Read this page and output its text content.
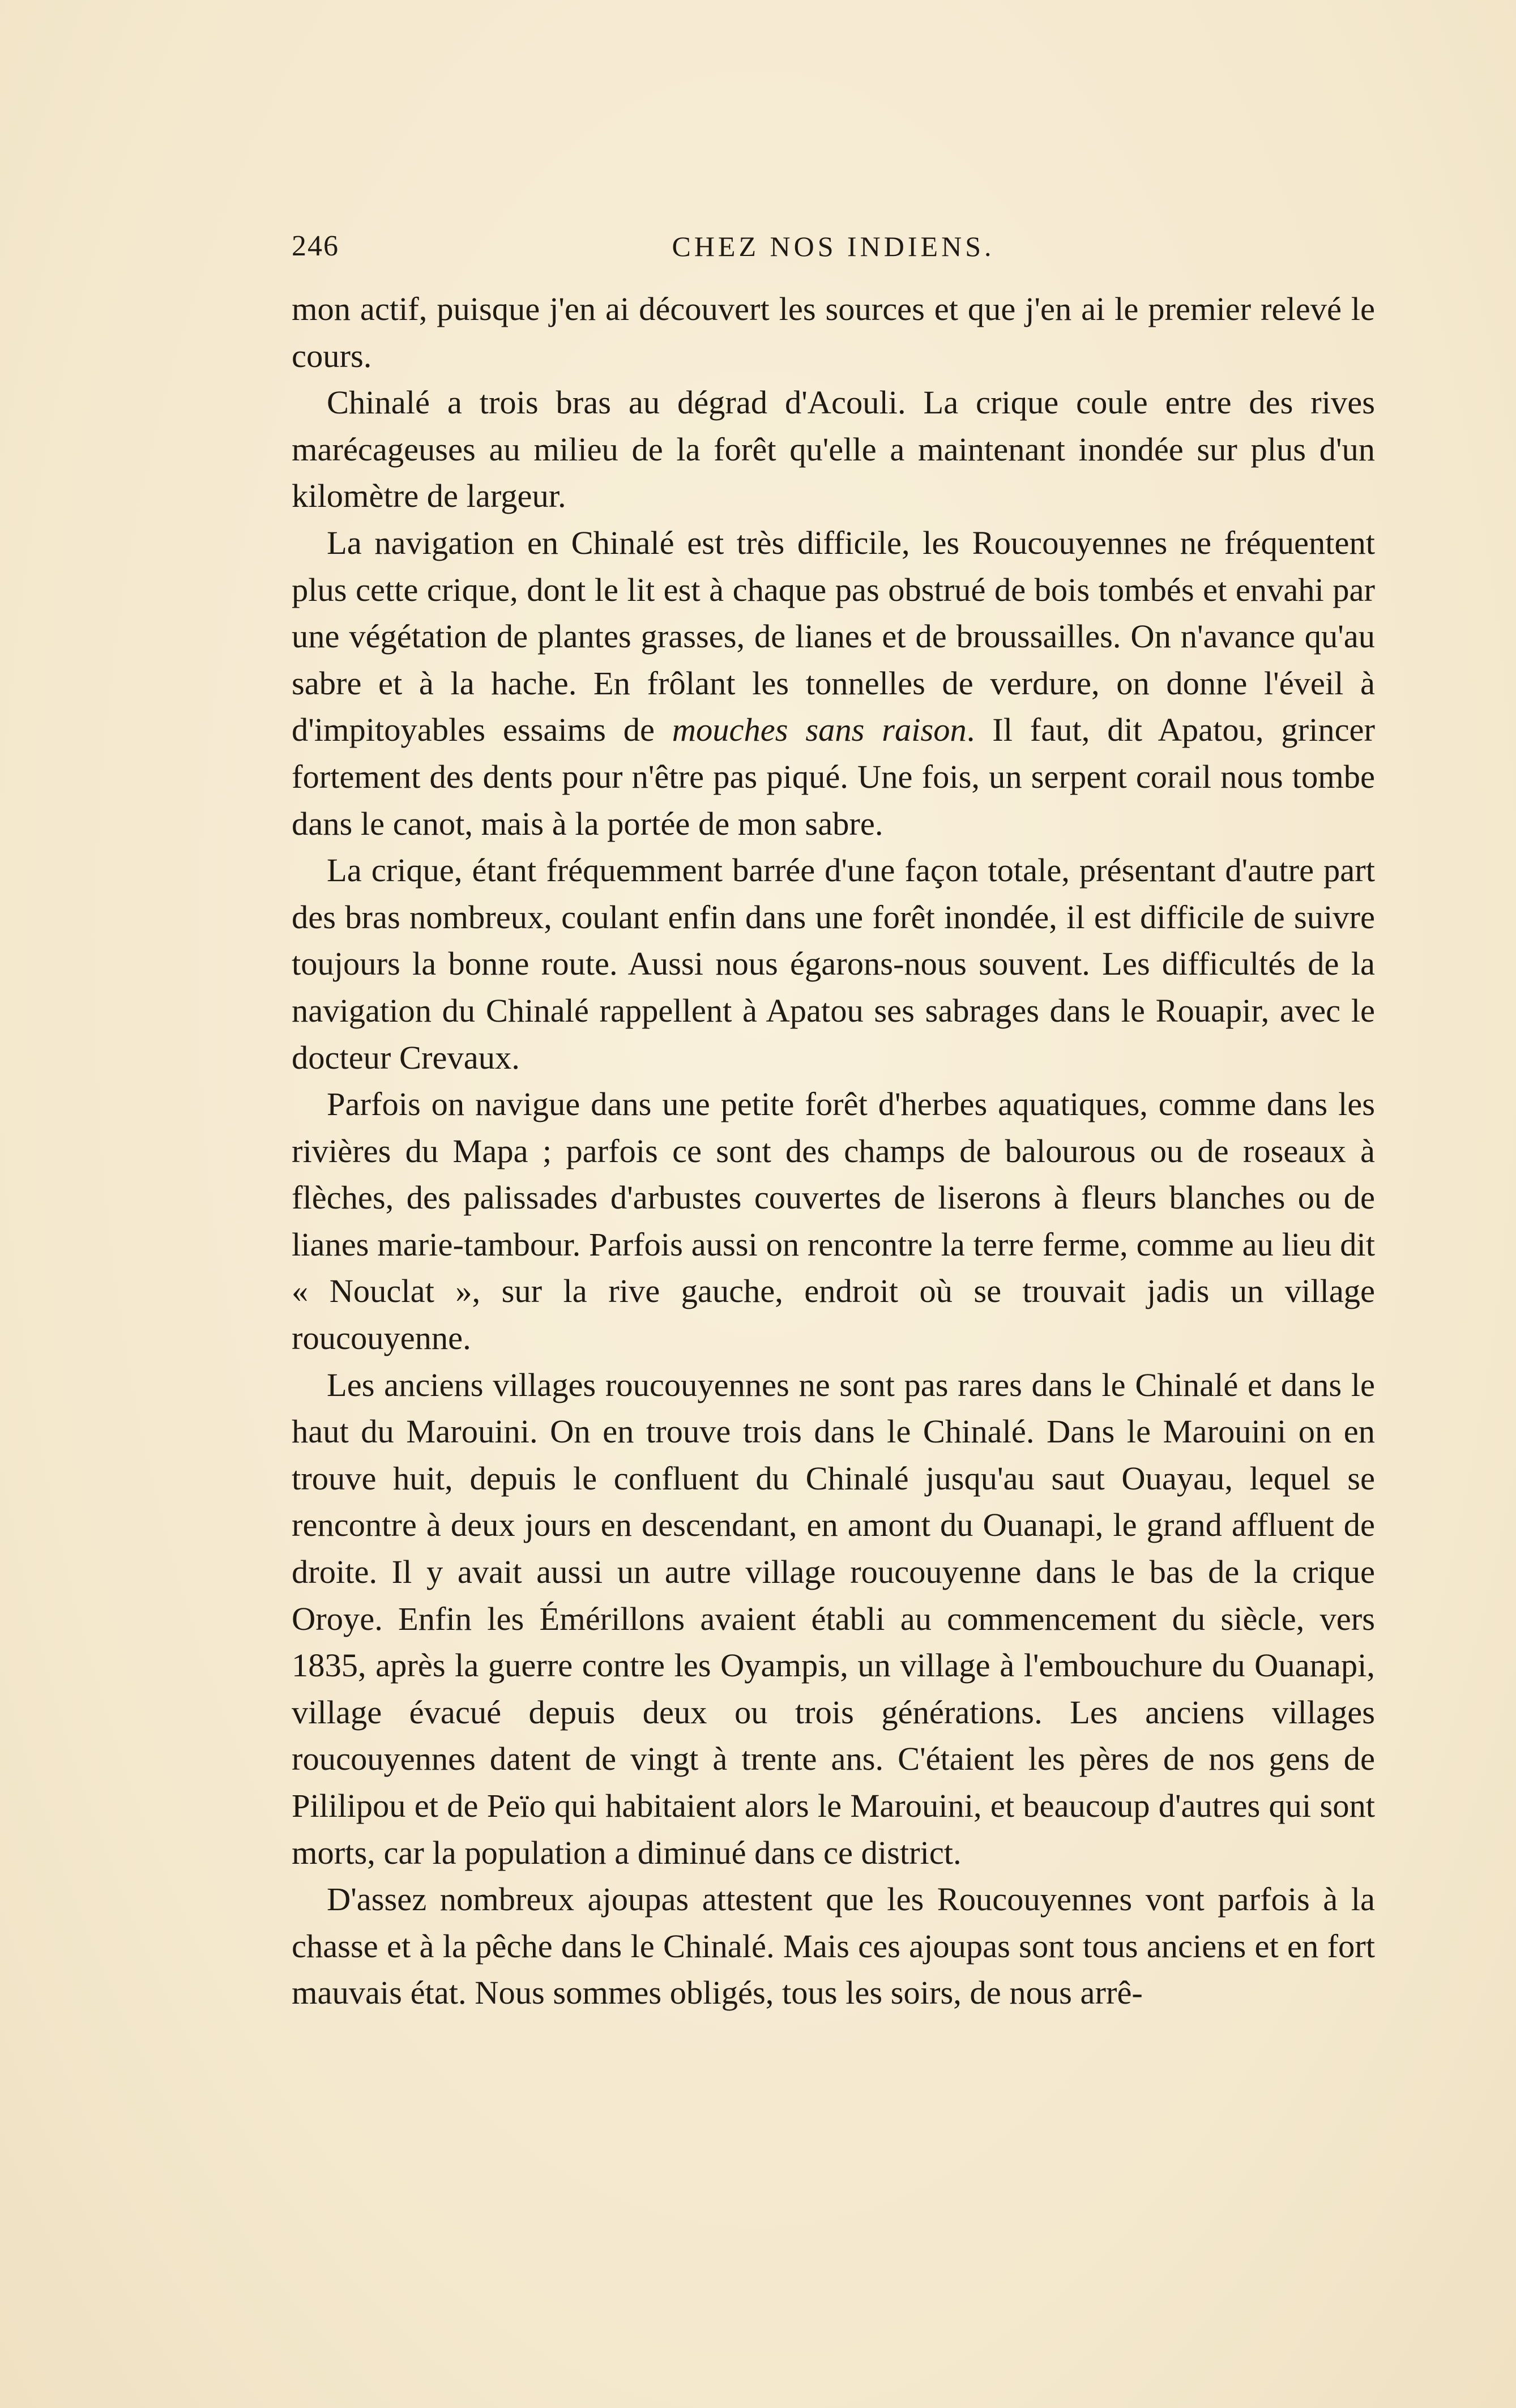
246	CHEZ NOS INDIENS.

mon actif, puisque j'en ai découvert les sources et que j'en ai le premier relevé le cours.

Chinalé a trois bras au dégrad d'Acouli. La crique coule entre des rives marécageuses au milieu de la forêt qu'elle a maintenant inondée sur plus d'un kilomètre de largeur.

La navigation en Chinalé est très difficile, les Roucouyennes ne fréquentent plus cette crique, dont le lit est à chaque pas obstrué de bois tombés et envahi par une végétation de plantes grasses, de lianes et de broussailles. On n'avance qu'au sabre et à la hache. En frôlant les tonnelles de verdure, on donne l'éveil à d'impitoyables essaims de mouches sans raison. Il faut, dit Apatou, grincer fortement des dents pour n'être pas piqué. Une fois, un serpent corail nous tombe dans le canot, mais à la portée de mon sabre.

La crique, étant fréquemment barrée d'une façon totale, présentant d'autre part des bras nombreux, coulant enfin dans une forêt inondée, il est difficile de suivre toujours la bonne route. Aussi nous égarons-nous souvent. Les difficultés de la navigation du Chinalé rappellent à Apatou ses sabrages dans le Rouapir, avec le docteur Crevaux.

Parfois on navigue dans une petite forêt d'herbes aquatiques, comme dans les rivières du Mapa ; parfois ce sont des champs de balourous ou de roseaux à flèches, des palissades d'arbustes couvertes de liserons à fleurs blanches ou de lianes marie-tambour. Parfois aussi on rencontre la terre ferme, comme au lieu dit « Nouclat », sur la rive gauche, endroit où se trouvait jadis un village roucouyenne.

Les anciens villages roucouyennes ne sont pas rares dans le Chinalé et dans le haut du Marouini. On en trouve trois dans le Chinalé. Dans le Marouini on en trouve huit, depuis le confluent du Chinalé jusqu'au saut Ouayau, lequel se rencontre à deux jours en descendant, en amont du Ouanapi, le grand affluent de droite. Il y avait aussi un autre village roucouyenne dans le bas de la crique Oroye. Enfin les Émérillons avaient établi au commencement du siècle, vers 1835, après la guerre contre les Oyampis, un village à l'embouchure du Ouanapi, village évacué depuis deux ou trois générations. Les anciens villages roucouyennes datent de vingt à trente ans. C'étaient les pères de nos gens de Pililipou et de Peïo qui habitaient alors le Marouini, et beaucoup d'autres qui sont morts, car la population a diminué dans ce district.

D'assez nombreux ajoupas attestent que les Roucouyennes vont parfois à la chasse et à la pêche dans le Chinalé. Mais ces ajoupas sont tous anciens et en fort mauvais état. Nous sommes obligés, tous les soirs, de nous arrê-
